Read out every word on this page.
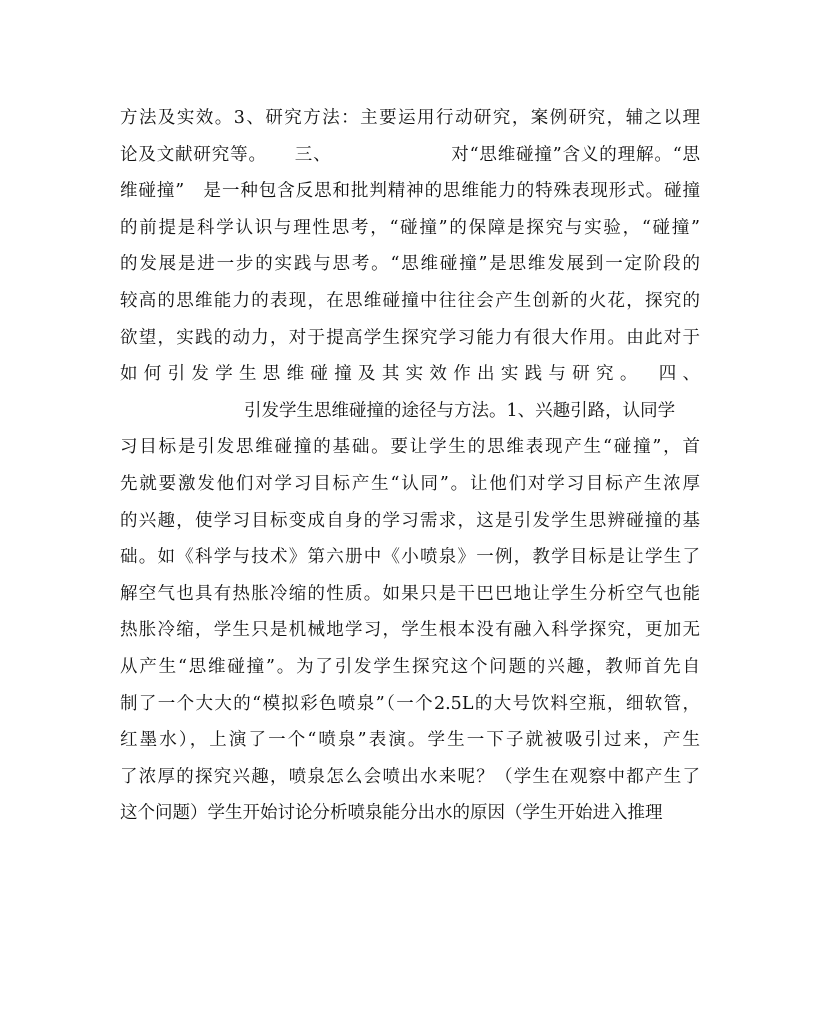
方法及实效。3、研究方法：主要运用行动研究，案例研究，辅之以理
论及文献研究等。　　三、　　　　　　　对“思维碰撞”含义的理解。“思
维碰撞”　是一种包含反思和批判精神的思维能力的特殊表现形式。碰撞
的前提是科学认识与理性思考，“碰撞”的保障是探究与实验，“碰撞”
的发展是进一步的实践与思考。“思维碰撞”是思维发展到一定阶段的
较高的思维能力的表现，在思维碰撞中往往会产生创新的火花，探究的
欲望，实践的动力，对于提高学生探究学习能力有很大作用。由此对于
如何引发学生思维碰撞及其实效作出实践与研究。　四、
引发学生思维碰撞的途径与方法。1、兴趣引路，认同学
习目标是引发思维碰撞的基础。要让学生的思维表现产生“碰撞”，首
先就要激发他们对学习目标产生“认同”。让他们对学习目标产生浓厚
的兴趣，使学习目标变成自身的学习需求，这是引发学生思辨碰撞的基
础。如《科学与技术》第六册中《小喷泉》一例，教学目标是让学生了
解空气也具有热胀冷缩的性质。如果只是干巴巴地让学生分析空气也能
热胀冷缩，学生只是机械地学习，学生根本没有融入科学探究，更加无
从产生“思维碰撞”。为了引发学生探究这个问题的兴趣，教师首先自
制了一个大大的“模拟彩色喷泉”（一个2.5L的大号饮料空瓶，细软管，
红墨水），上演了一个“喷泉”表演。学生一下子就被吸引过来，产生
了浓厚的探究兴趣，喷泉怎么会喷出水来呢？（学生在观察中都产生了
这个问题）学生开始讨论分析喷泉能分出水的原因（学生开始进入推理
